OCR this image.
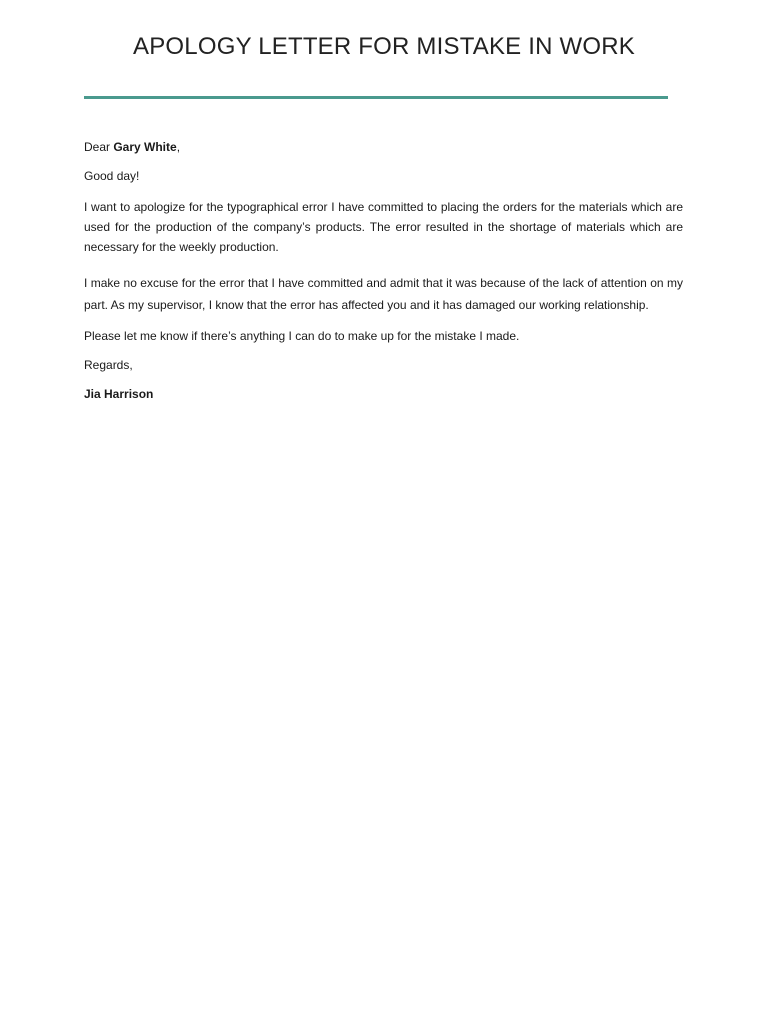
APOLOGY LETTER FOR MISTAKE IN WORK

Dear Gary White,

Good day!

I want to apologize for the typographical error I have committed to placing the orders for the materials which are used for the production of the company’s products. The error resulted in the shortage of materials which are necessary for the weekly production.

I make no excuse for the error that I have committed and admit that it was because of the lack of attention on my part. As my supervisor, I know that the error has affected you and it has damaged our working relationship.

Please let me know if there’s anything I can do to make up for the mistake I made.

Regards,

Jia Harrison
